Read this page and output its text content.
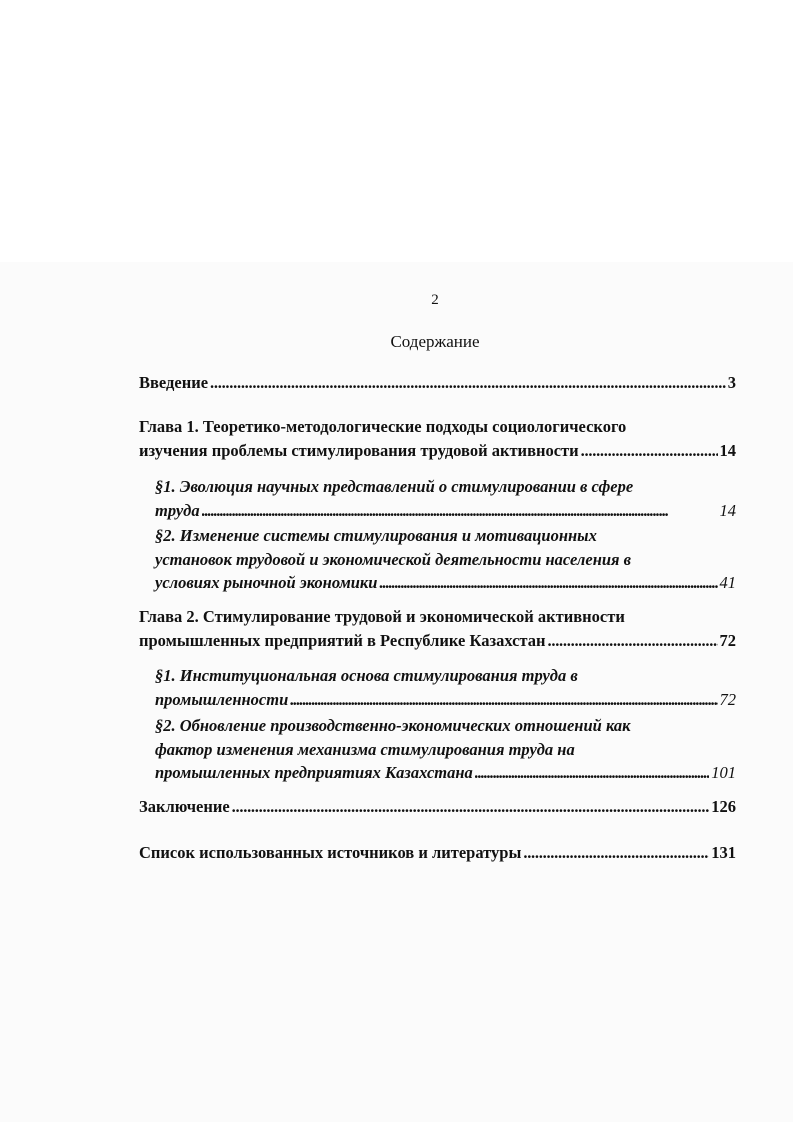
2
Содержание
Введение . . .	3
Глава 1. Теоретико-методологические подходы социологического
изучения проблемы стимулирования трудовой активности . . .	14
§1. Эволюция научных представлений о стимулировании в сфере
труда . . .	14
§2. Изменение системы стимулирования и мотивационных
установок трудовой и экономической деятельности населения в
условиях рыночной экономики . . .	41
Глава 2. Стимулирование трудовой и экономической активности
промышленных предприятий в Республике Казахстан . . .	72
§1. Институциональная основа стимулирования труда в
промышленности . . .	72
§2. Обновление производственно-экономических отношений как
фактор изменения механизма стимулирования труда на
промышленных предприятиях Казахстана . . .	101
Заключение . . .	126
Список использованных источников и литературы . . .	131
